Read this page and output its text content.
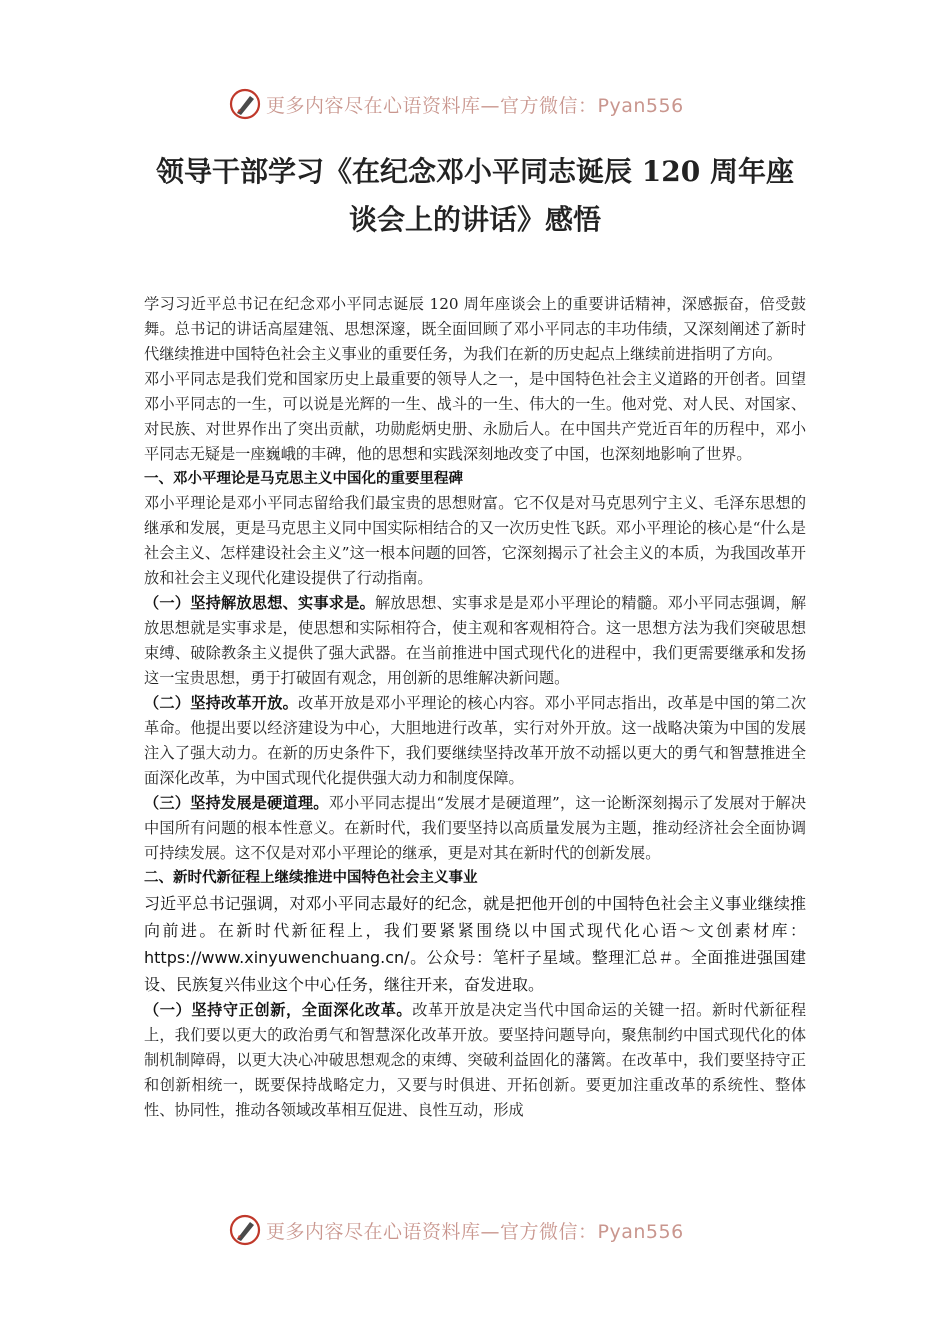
更多内容尽在心语资料库—官方微信：Pyan556
领导干部学习《在纪念邓小平同志诞辰 120 周年座
谈会上的讲话》感悟

学习习近平总书记在纪念邓小平同志诞辰 120 周年座谈会上的重要讲话精神，深感振奋，倍受鼓舞。总书记的讲话高屋建瓴、思想深邃，既全面回顾了邓小平同志的丰功伟绩，又深刻阐述了新时代继续推进中国特色社会主义事业的重要任务，为我们在新的历史起点上继续前进指明了方向。

邓小平同志是我们党和国家历史上最重要的领导人之一，是中国特色社会主义道路的开创者。回望邓小平同志的一生，可以说是光辉的一生、战斗的一生、伟大的一生。他对党、对人民、对国家、对民族、对世界作出了突出贡献，功勋彪炳史册、永励后人。在中国共产党近百年的历程中，邓小平同志无疑是一座巍峨的丰碑，他的思想和实践深刻地改变了中国，也深刻地影响了世界。

一、邓小平理论是马克思主义中国化的重要里程碑

邓小平理论是邓小平同志留给我们最宝贵的思想财富。它不仅是对马克思列宁主义、毛泽东思想的继承和发展，更是马克思主义同中国实际相结合的又一次历史性飞跃。邓小平理论的核心是“什么是社会主义、怎样建设社会主义”这一根本问题的回答，它深刻揭示了社会主义的本质，为我国改革开放和社会主义现代化建设提供了行动指南。

（一）坚持解放思想、实事求是。解放思想、实事求是是邓小平理论的精髓。邓小平同志强调，解放思想就是实事求是，使思想和实际相符合，使主观和客观相符合。这一思想方法为我们突破思想束缚、破除教条主义提供了强大武器。在当前推进中国式现代化的进程中，我们更需要继承和发扬这一宝贵思想，勇于打破固有观念，用创新的思维解决新问题。

（二）坚持改革开放。改革开放是邓小平理论的核心内容。邓小平同志指出，改革是中国的第二次革命。他提出要以经济建设为中心，大胆地进行改革，实行对外开放。这一战略决策为中国的发展注入了强大动力。在新的历史条件下，我们要继续坚持改革开放不动摇以更大的勇气和智慧推进全面深化改革，为中国式现代化提供强大动力和制度保障。

（三）坚持发展是硬道理。邓小平同志提出“发展才是硬道理”，这一论断深刻揭示了发展对于解决中国所有问题的根本性意义。在新时代，我们要坚持以高质量发展为主题，推动经济社会全面协调可持续发展。这不仅是对邓小平理论的继承，更是对其在新时代的创新发展。

二、新时代新征程上继续推进中国特色社会主义事业

习近平总书记强调，对邓小平同志最好的纪念，就是把他开创的中国特色社会主义事业继续推向前进。在新时代新征程上，我们要紧紧围绕以中国式现代化心语～文创素材库：https://www.xinyuwenchuang.cn/。公众号：笔杆子星域。整理汇总＃。全面推进强国建设、民族复兴伟业这个中心任务，继往开来，奋发进取。

（一）坚持守正创新，全面深化改革。改革开放是决定当代中国命运的关键一招。新时代新征程上，我们要以更大的政治勇气和智慧深化改革开放。要坚持问题导向，聚焦制约中国式现代化的体制机制障碍，以更大决心冲破思想观念的束缚、突破利益固化的藩篱。在改革中，我们要坚持守正和创新相统一，既要保持战略定力，又要与时俱进、开拓创新。要更加注重改革的系统性、整体性、协同性，推动各领域改革相互促进、良性互动，形成

更多内容尽在心语资料库—官方微信：Pyan556
